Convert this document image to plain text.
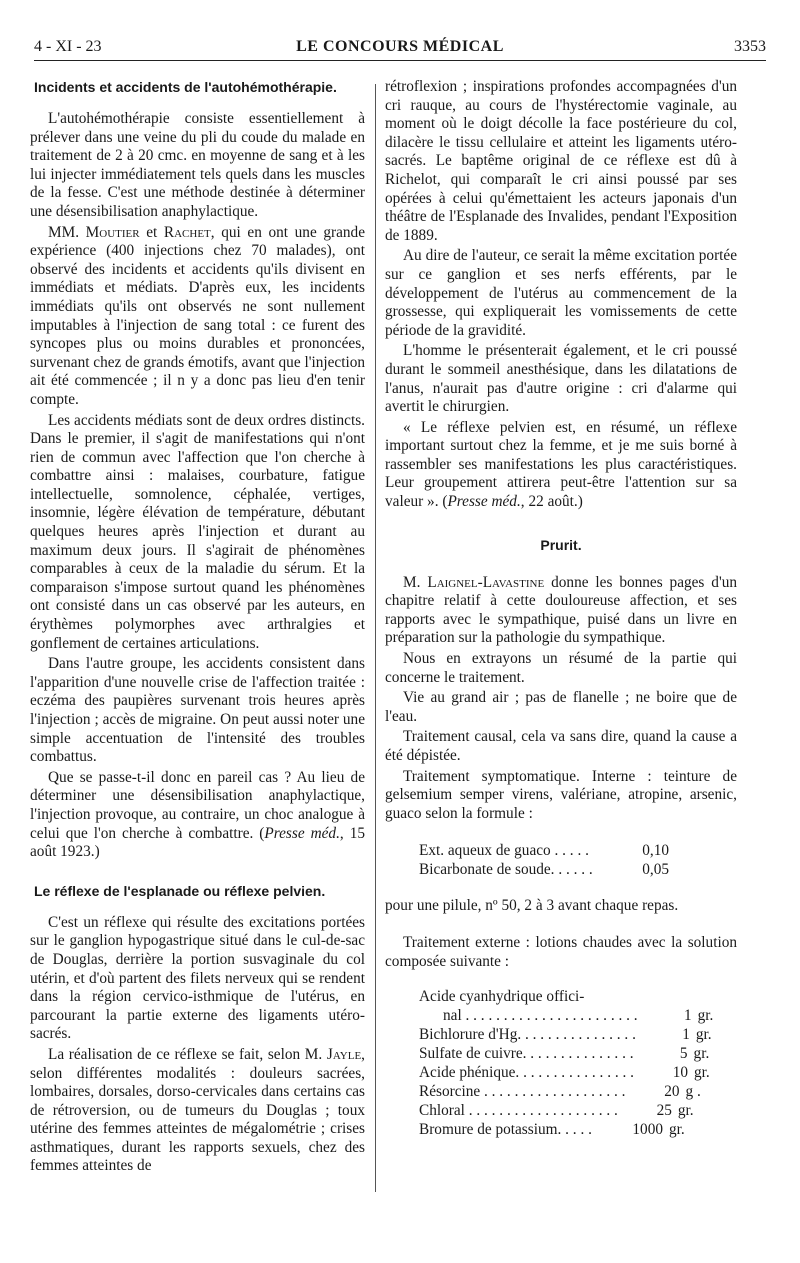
4 - XI - 23	LE CONCOURS MÉDICAL	3353
Incidents et accidents de l'autohémothérapie.

L'autohémothérapie consiste essentiellement à prélever dans une veine du pli du coude du malade en traitement de 2 à 20 cmc. en moyenne de sang et à les lui injecter immédiatement tels quels dans les muscles de la fesse. C'est une méthode destinée à déterminer une désensibilisation anaphylactique.

MM. Moutier et Rachet, qui en ont une grande expérience (400 injections chez 70 malades), ont observé des incidents et accidents qu'ils divisent en immédiats et médiats. D'après eux, les incidents immédiats qu'ils ont observés ne sont nullement imputables à l'injection de sang total : ce furent des syncopes plus ou moins durables et prononcées, survenant chez de grands émotifs, avant que l'injection ait été commencée ; il n y a donc pas lieu d'en tenir compte.

Les accidents médiats sont de deux ordres distincts. Dans le premier, il s'agit de manifestations qui n'ont rien de commun avec l'affection que l'on cherche à combattre ainsi : malaises, courbature, fatigue intellectuelle, somnolence, céphalée, vertiges, insomnie, légère élévation de température, débutant quelques heures après l'injection et durant au maximum deux jours. Il s'agirait de phénomènes comparables à ceux de la maladie du sérum. Et la comparaison s'impose surtout quand les phénomènes ont consisté dans un cas observé par les auteurs, en érythèmes polymorphes avec arthralgies et gonflement de certaines articulations.

Dans l'autre groupe, les accidents consistent dans l'apparition d'une nouvelle crise de l'affection traitée : eczéma des paupières survenant trois heures après l'injection ; accès de migraine. On peut aussi noter une simple accentuation de l'intensité des troubles combattus.

Que se passe-t-il donc en pareil cas ? Au lieu de déterminer une désensibilisation anaphylactique, l'injection provoque, au contraire, un choc analogue à celui que l'on cherche à combattre. (Presse méd., 15 août 1923.)

Le réflexe de l'esplanade ou réflexe pelvien.

C'est un réflexe qui résulte des excitations portées sur le ganglion hypogastrique situé dans le cul-de-sac de Douglas, derrière la portion susvaginale du col utérin, et d'où partent des filets nerveux qui se rendent dans la région cervico-isthmique de l'utérus, en parcourant la partie externe des ligaments utéro-sacrés.

La réalisation de ce réflexe se fait, selon M. Jayle, selon différentes modalités : douleurs sacrées, lombaires, dorsales, dorso-cervicales dans certains cas de rétroversion, ou de tumeurs du Douglas ; toux utérine des femmes atteintes de mégalométrie ; crises asthmatiques, durant les rapports sexuels, chez des femmes atteintes de

rétroflexion ; inspirations profondes accompagnées d'un cri rauque, au cours de l'hystérectomie vaginale, au moment où le doigt décolle la face postérieure du col, dilacère le tissu cellulaire et atteint les ligaments utéro-sacrés. Le baptême original de ce réflexe est dû à Richelot, qui comparaît le cri ainsi poussé par ses opérées à celui qu'émettaient les acteurs japonais d'un théâtre de l'Esplanade des Invalides, pendant l'Exposition de 1889.

Au dire de l'auteur, ce serait la même excitation portée sur ce ganglion et ses nerfs efférents, par le développement de l'utérus au commencement de la grossesse, qui expliquerait les vomissements de cette période de la gravidité.

L'homme le présenterait également, et le cri poussé durant le sommeil anesthésique, dans les dilatations de l'anus, n'aurait pas d'autre origine : cri d'alarme qui avertit le chirurgien.

« Le réflexe pelvien est, en résumé, un réflexe important surtout chez la femme, et je me suis borné à rassembler ses manifestations les plus caractéristiques. Leur groupement attirera peut-être l'attention sur sa valeur ». (Presse méd., 22 août.)

Prurit.

M. Laignel-Lavastine donne les bonnes pages d'un chapitre relatif à cette douloureuse affection, et ses rapports avec le sympathique, puisé dans un livre en préparation sur la pathologie du sympathique.

Nous en extrayons un résumé de la partie qui concerne le traitement.

Vie au grand air ; pas de flanelle ; ne boire que de l'eau.

Traitement causal, cela va sans dire, quand la cause a été dépistée.

Traitement symptomatique. Interne : teinture de gelsemium semper virens, valériane, atropine, arsenic, guaco selon la formule :

Ext. aqueux de guaco . . . . .	0,10
Bicarbonate de soude. . . . . .	0,05

pour une pilule, nº 50, 2 à 3 avant chaque repas.

Traitement externe : lotions chaudes avec la solution composée suivante :

Acide cyanhydrique offici-
nal . . . . . . . . . . . . . . . . . . . . . . .	1 gr.
Bichlorure d'Hg. . . . . . . . . . . . . . . .	1 gr.
Sulfate de cuivre. . . . . . . . . . . . . . .	5 gr.
Acide phénique. . . . . . . . . . . . . . . .	10 gr.
Résorcine . . . . . . . . . . . . . . . . . . .	20 g .
Chloral . . . . . . . . . . . . . . . . . . . .	25 gr.
Bromure de potassium. . . . .	1000 gr.
